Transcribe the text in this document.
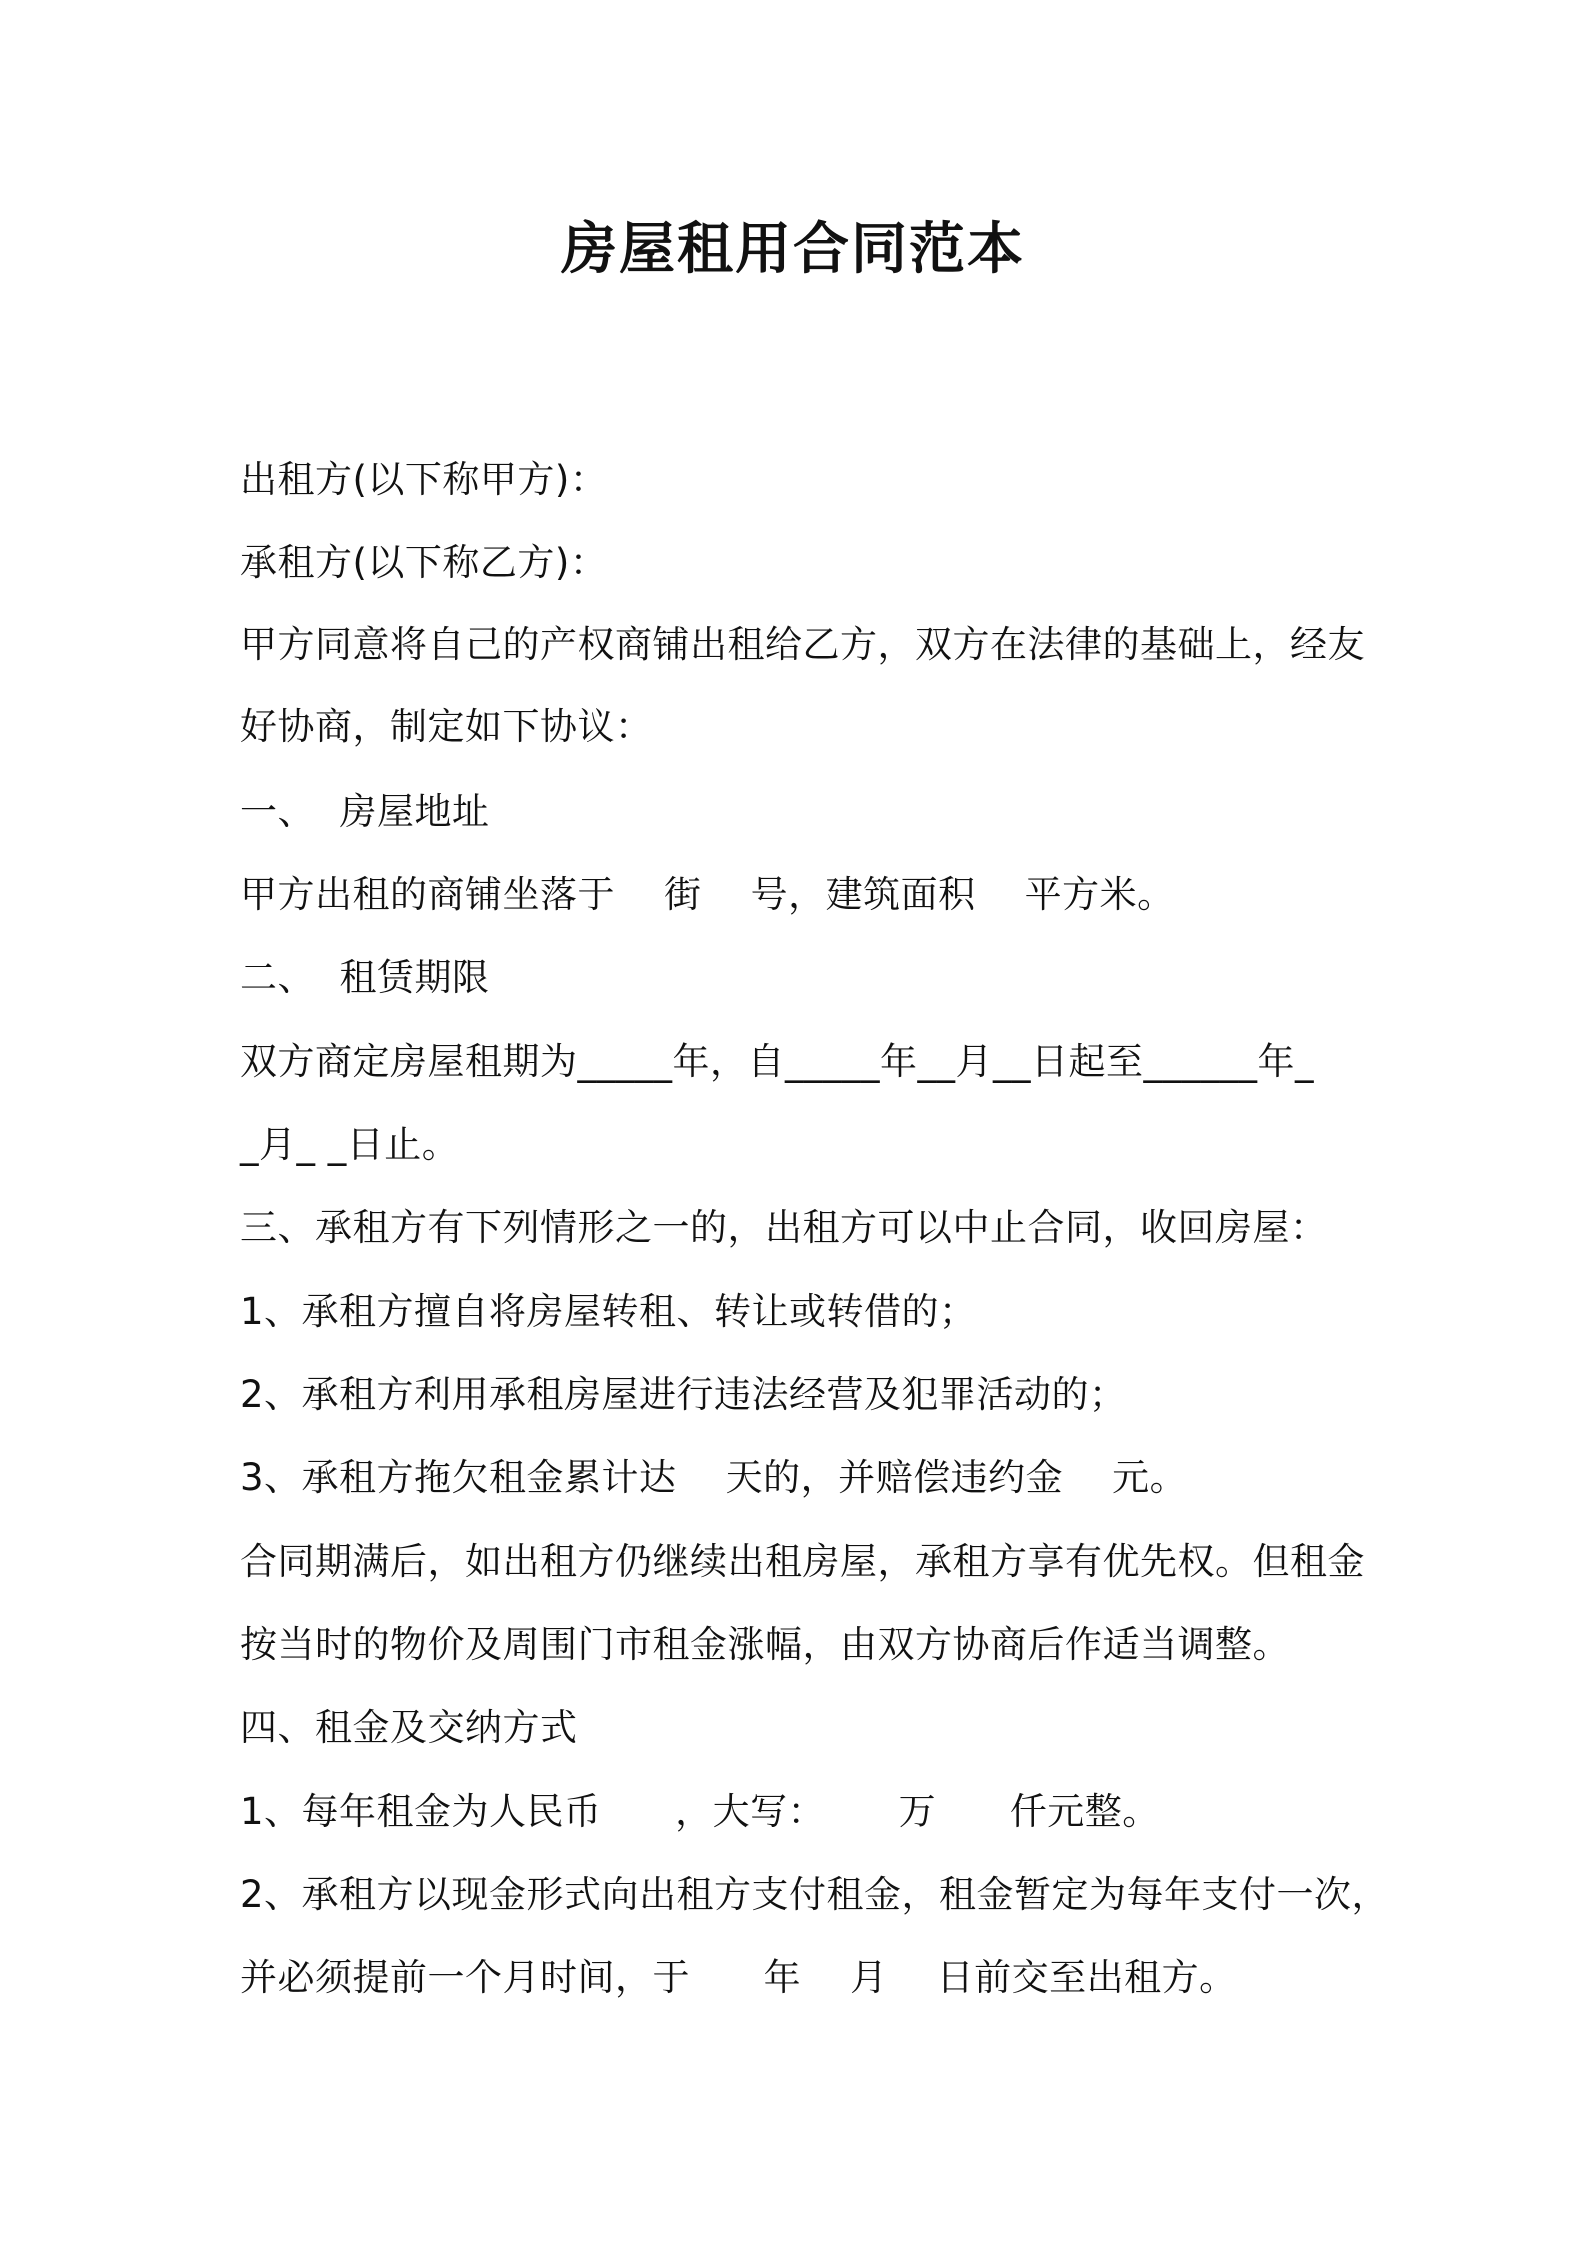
房屋租用合同范本
出租方(以下称甲方)：
承租方(以下称乙方)：
甲方同意将自己的产权商铺出租给乙方，双方在法律的基础上，经友
好协商，制定如下协议：
一、  房屋地址
甲方出租的商铺坐落于    街    号，建筑面积    平方米。
二、  租赁期限
双方商定房屋租期为_____年，自_____年__月__日起至______年_
_月_ _日止。
三、承租方有下列情形之一的，出租方可以中止合同，收回房屋：
1、承租方擅自将房屋转租、转让或转借的；
2、承租方利用承租房屋进行违法经营及犯罪活动的；
3、承租方拖欠租金累计达    天的，并赔偿违约金    元。
合同期满后，如出租方仍继续出租房屋，承租方享有优先权。但租金
按当时的物价及周围门市租金涨幅，由双方协商后作适当调整。
四、租金及交纳方式
1、每年租金为人民币      ，大写：      万      仟元整。
2、承租方以现金形式向出租方支付租金，租金暂定为每年支付一次，
并必须提前一个月时间，于      年    月    日前交至出租方。
